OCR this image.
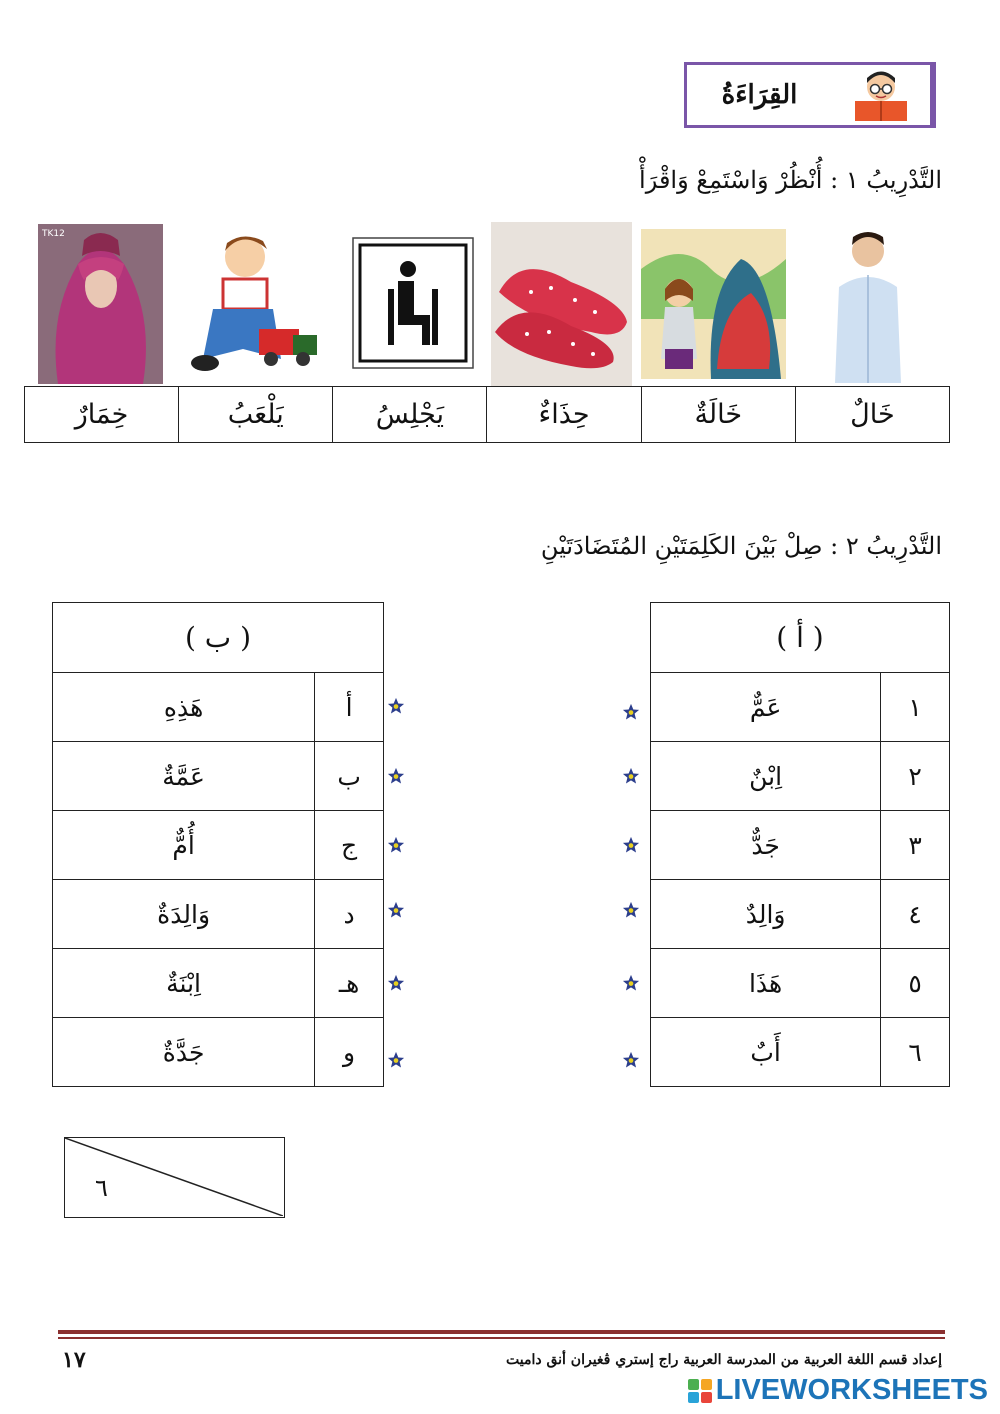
القِرَاءَةُ
التَّدْرِيبُ ١ : أُنْظُرْ وَاسْتَمِعْ وَاقْرَأْ
TK12
خَالٌ
خَالَةٌ
حِذَاءٌ
يَجْلِسُ
يَلْعَبُ
خِمَارٌ
التَّدْرِيبُ ٢ : صِلْ بَيْنَ الكَلِمَتَيْنِ المُتَضَادَتَيْنِ
( أ )	
عَمٌّ	١
اِبْنٌ	٢
جَدٌّ	٣
وَالِدٌ	٤
هَذَا	٥
أَبٌ	٦
( ب )	
هَذِهِ	أ
عَمَّةٌ	ب
أُمٌّ	ج
وَالِدَةٌ	د
اِبْنَةٌ	هـ
جَدَّةٌ	و
٦
١٧	إعداد قسم اللغة العربية من المدرسة العربية راج إستري ڤغيران أنق داميت
LIVEWORKSHEETS
